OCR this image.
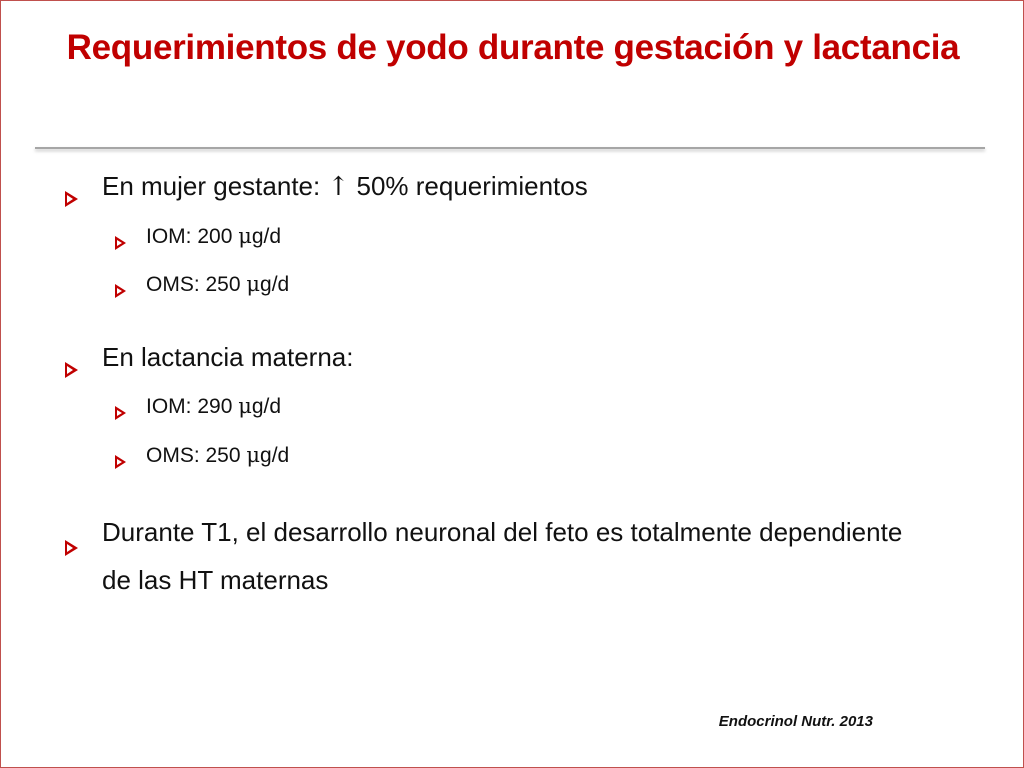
Requerimientos de yodo durante gestación y lactancia
En mujer gestante: ↑ 50% requerimientos
IOM: 200 μg/d
OMS: 250 μg/d
En lactancia materna:
IOM: 290 μg/d
OMS: 250 μg/d
Durante T1, el desarrollo neuronal del feto es totalmente dependiente de las HT maternas
Endocrinol Nutr. 2013
